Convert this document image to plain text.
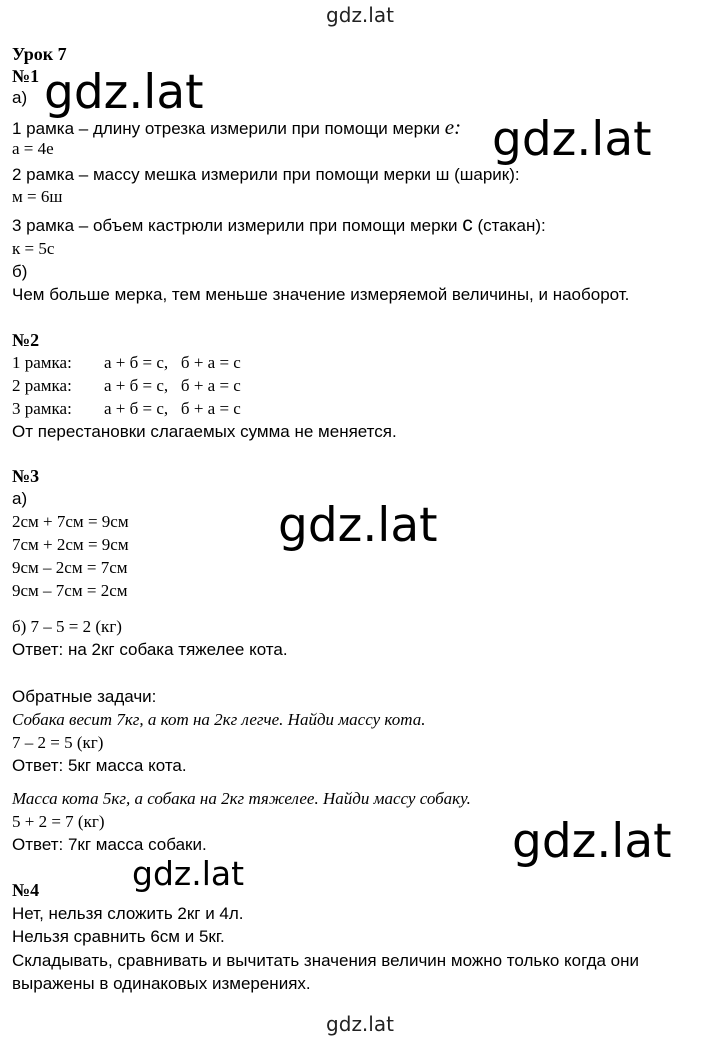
gdz.lat
Урок 7
№1
а)
1 рамка – длину отрезка измерили при помощи мерки е:
а = 4е
2 рамка – массу мешка измерили при помощи мерки ш (шарик):
м = 6ш
3 рамка – объем кастрюли измерили при помощи мерки с (стакан):
к = 5с
б)
Чем больше мерка, тем меньше значение измеряемой величины, и наоборот.
№2
1 рамка: а + б = с,   б + а = с
2 рамка: а + б = с,   б + а = с
3 рамка: а + б = с,   б + а = с
От перестановки слагаемых сумма не меняется.
№3
а)
2см + 7см = 9см
7см + 2см = 9см
9см – 2см = 7см
9см – 7см = 2см
б) 7 – 5 = 2 (кг)
Ответ: на 2кг собака тяжелее кота.
Обратные задачи:
Собака весит 7кг, а кот на 2кг легче. Найди массу кота.
7 – 2 = 5 (кг)
Ответ: 5кг масса кота.
Масса кота 5кг, а собака на 2кг тяжелее. Найди массу собаку.
5 + 2 = 7 (кг)
Ответ: 7кг масса собаки.
№4
Нет, нельзя сложить 2кг и 4л.
Нельзя сравнить 6см и 5кг.
Складывать, сравнивать и вычитать значения величин можно только когда они
выражены в одинаковых измерениях.
gdz.lat
gdz.lat
gdz.lat
gdz.lat
gdz.lat
gdz.lat
